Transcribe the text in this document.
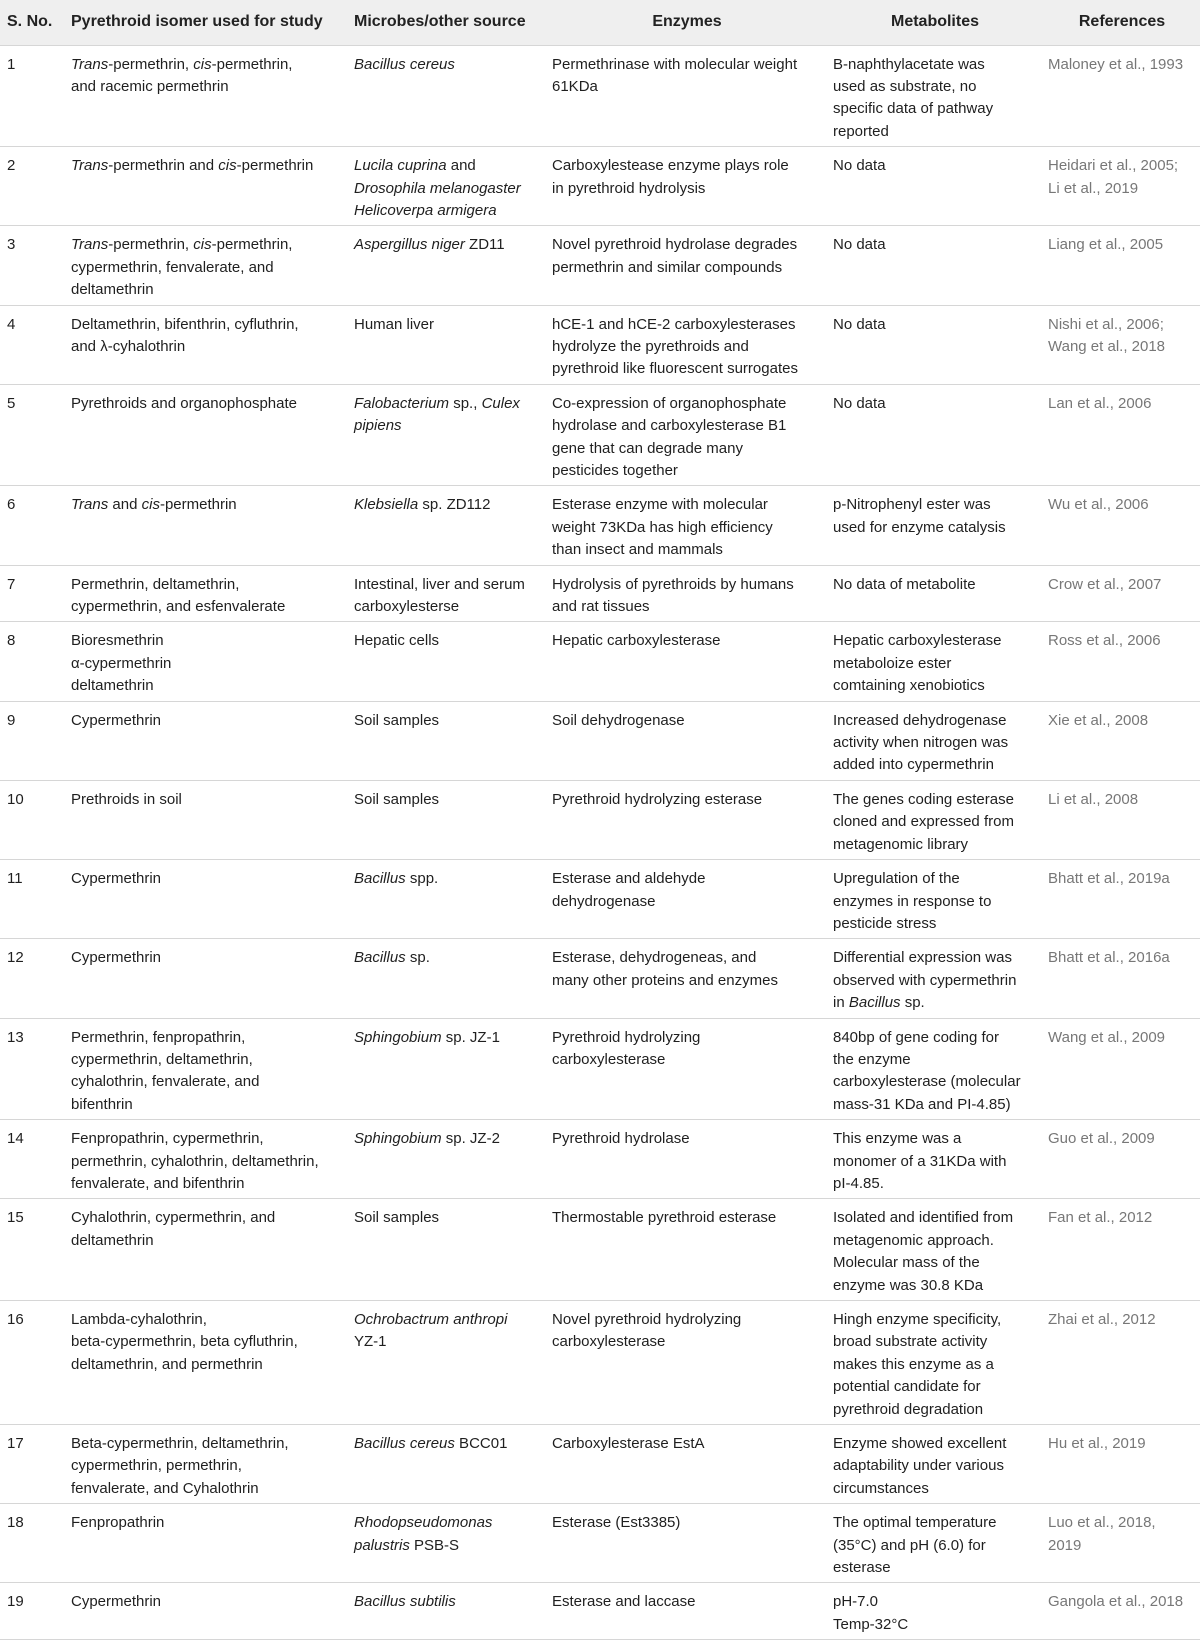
S. No.	Pyrethroid isomer used for study	Microbes/other source	Enzymes	Metabolites	References
1	Trans-permethrin, cis-permethrin,
and racemic permethrin	Bacillus cereus	Permethrinase with molecular weight
61KDa	B-naphthylacetate was
used as substrate, no
specific data of pathway
reported	Maloney et al., 1993

2	Trans-permethrin and cis-permethrin	Lucila cuprina and
Drosophila melanogaster
Helicoverpa armigera	Carboxylestease enzyme plays role
in pyrethroid hydrolysis	No data	Heidari et al., 2005;
Li et al., 2019

3	Trans-permethrin, cis-permethrin,
cypermethrin, fenvalerate, and
deltamethrin	Aspergillus niger ZD11	Novel pyrethroid hydrolase degrades
permethrin and similar compounds	No data	Liang et al., 2005

4	Deltamethrin, bifenthrin, cyfluthrin,
and λ-cyhalothrin	Human liver	hCE-1 and hCE-2 carboxylesterases
hydrolyze the pyrethroids and
pyrethroid like fluorescent surrogates	No data	Nishi et al., 2006;
Wang et al., 2018

5	Pyrethroids and organophosphate	Falobacterium sp., Culex
pipiens	Co-expression of organophosphate
hydrolase and carboxylesterase B1
gene that can degrade many
pesticides together	No data	Lan et al., 2006

6	Trans and cis-permethrin	Klebsiella sp. ZD112	Esterase enzyme with molecular
weight 73KDa has high efficiency
than insect and mammals	p-Nitrophenyl ester was
used for enzyme catalysis	Wu et al., 2006

7	Permethrin, deltamethrin,
cypermethrin, and esfenvalerate	Intestinal, liver and serum
carboxylesterse	Hydrolysis of pyrethroids by humans
and rat tissues	No data of metabolite	Crow et al., 2007

8	Bioresmethrin
α-cypermethrin
deltamethrin	Hepatic cells	Hepatic carboxylesterase	Hepatic carboxylesterase
metaboloize ester
comtaining xenobiotics	Ross et al., 2006

9	Cypermethrin	Soil samples	Soil dehydrogenase	Increased dehydrogenase
activity when nitrogen was
added into cypermethrin	Xie et al., 2008

10	Prethroids in soil	Soil samples	Pyrethroid hydrolyzing esterase	The genes coding esterase
cloned and expressed from
metagenomic library	Li et al., 2008

11	Cypermethrin	Bacillus spp.	Esterase and aldehyde
dehydrogenase	Upregulation of the
enzymes in response to
pesticide stress	Bhatt et al., 2019a

12	Cypermethrin	Bacillus sp.	Esterase, dehydrogeneas, and
many other proteins and enzymes	Differential expression was
observed with cypermethrin
in Bacillus sp.	Bhatt et al., 2016a

13	Permethrin, fenpropathrin,
cypermethrin, deltamethrin,
cyhalothrin, fenvalerate, and
bifenthrin	Sphingobium sp. JZ-1	Pyrethroid hydrolyzing
carboxylesterase	840bp of gene coding for
the enzyme
carboxylesterase (molecular
mass-31 KDa and PI-4.85)	Wang et al., 2009

14	Fenpropathrin, cypermethrin,
permethrin, cyhalothrin, deltamethrin,
fenvalerate, and bifenthrin	Sphingobium sp. JZ-2	Pyrethroid hydrolase	This enzyme was a
monomer of a 31KDa with
pI-4.85.	Guo et al., 2009

15	Cyhalothrin, cypermethrin, and
deltamethrin	Soil samples	Thermostable pyrethroid esterase	Isolated and identified from
metagenomic approach.
Molecular mass of the
enzyme was 30.8 KDa	Fan et al., 2012

16	Lambda-cyhalothrin,
beta-cypermethrin, beta cyfluthrin,
deltamethrin, and permethrin	Ochrobactrum anthropi
YZ-1	Novel pyrethroid hydrolyzing
carboxylesterase	Hingh enzyme specificity,
broad substrate activity
makes this enzyme as a
potential candidate for
pyrethroid degradation	Zhai et al., 2012

17	Beta-cypermethrin, deltamethrin,
cypermethrin, permethrin,
fenvalerate, and Cyhalothrin	Bacillus cereus BCC01	Carboxylesterase EstA	Enzyme showed excellent
adaptability under various
circumstances	Hu et al., 2019

18	Fenpropathrin	Rhodopseudomonas
palustris PSB-S	Esterase (Est3385)	The optimal temperature
(35°C) and pH (6.0) for
esterase	Luo et al., 2018,
2019

19	Cypermethrin	Bacillus subtilis	Esterase and laccase	pH-7.0
Temp-32°C	Gangola et al., 2018
